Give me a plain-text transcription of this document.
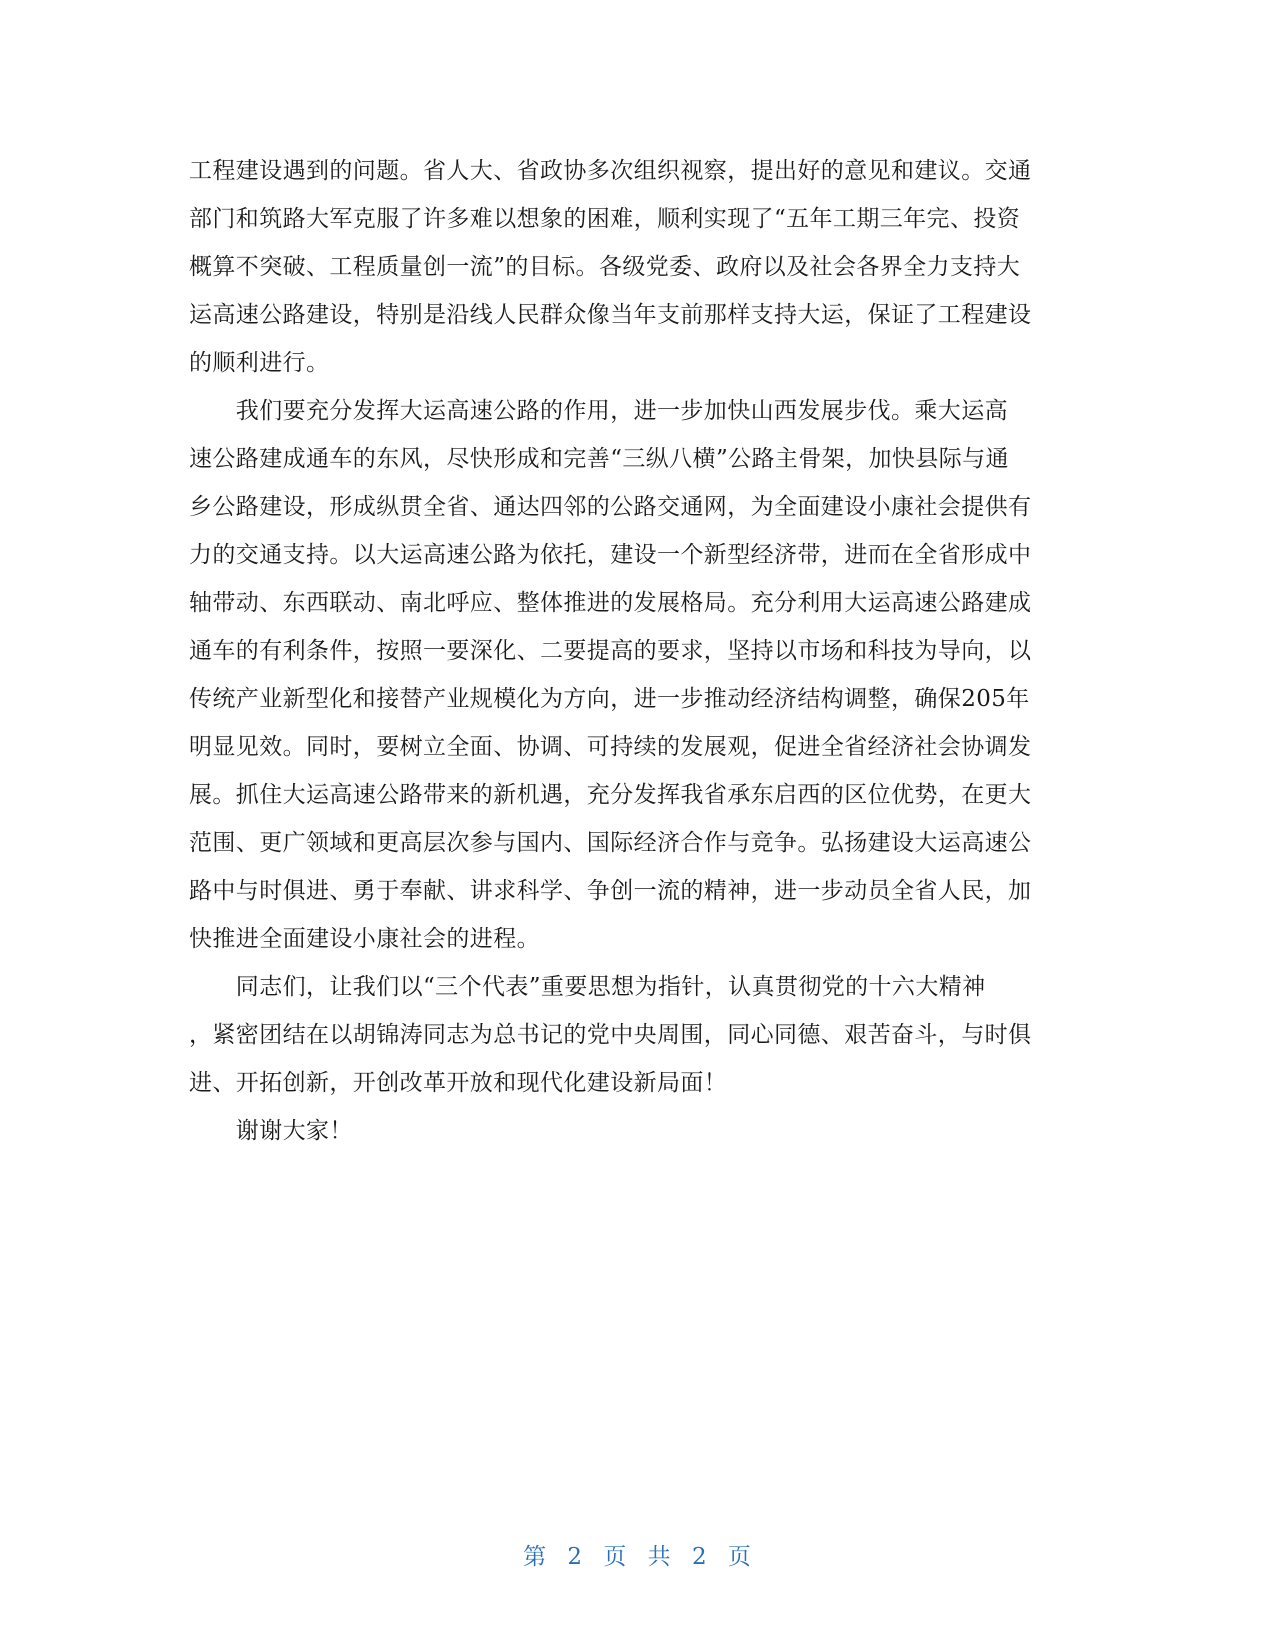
工程建设遇到的问题。省人大、省政协多次组织视察，提出好的意见和建议。交通
部门和筑路大军克服了许多难以想象的困难，顺利实现了“五年工期三年完、投资
概算不突破、工程质量创一流”的目标。各级党委、政府以及社会各界全力支持大
运高速公路建设，特别是沿线人民群众像当年支前那样支持大运，保证了工程建设
的顺利进行。
　　我们要充分发挥大运高速公路的作用，进一步加快山西发展步伐。乘大运高
速公路建成通车的东风，尽快形成和完善“三纵八横”公路主骨架，加快县际与通
乡公路建设，形成纵贯全省、通达四邻的公路交通网，为全面建设小康社会提供有
力的交通支持。以大运高速公路为依托，建设一个新型经济带，进而在全省形成中
轴带动、东西联动、南北呼应、整体推进的发展格局。充分利用大运高速公路建成
通车的有利条件，按照一要深化、二要提高的要求，坚持以市场和科技为导向，以
传统产业新型化和接替产业规模化为方向，进一步推动经济结构调整，确保205年
明显见效。同时，要树立全面、协调、可持续的发展观，促进全省经济社会协调发
展。抓住大运高速公路带来的新机遇，充分发挥我省承东启西的区位优势，在更大
范围、更广领域和更高层次参与国内、国际经济合作与竞争。弘扬建设大运高速公
路中与时俱进、勇于奉献、讲求科学、争创一流的精神，进一步动员全省人民，加
快推进全面建设小康社会的进程。
　　同志们，让我们以“三个代表”重要思想为指针，认真贯彻党的十六大精神
，紧密团结在以胡锦涛同志为总书记的党中央周围，同心同德、艰苦奋斗，与时俱
进、开拓创新，开创改革开放和现代化建设新局面！
　　谢谢大家！
第 2 页 共 2 页
